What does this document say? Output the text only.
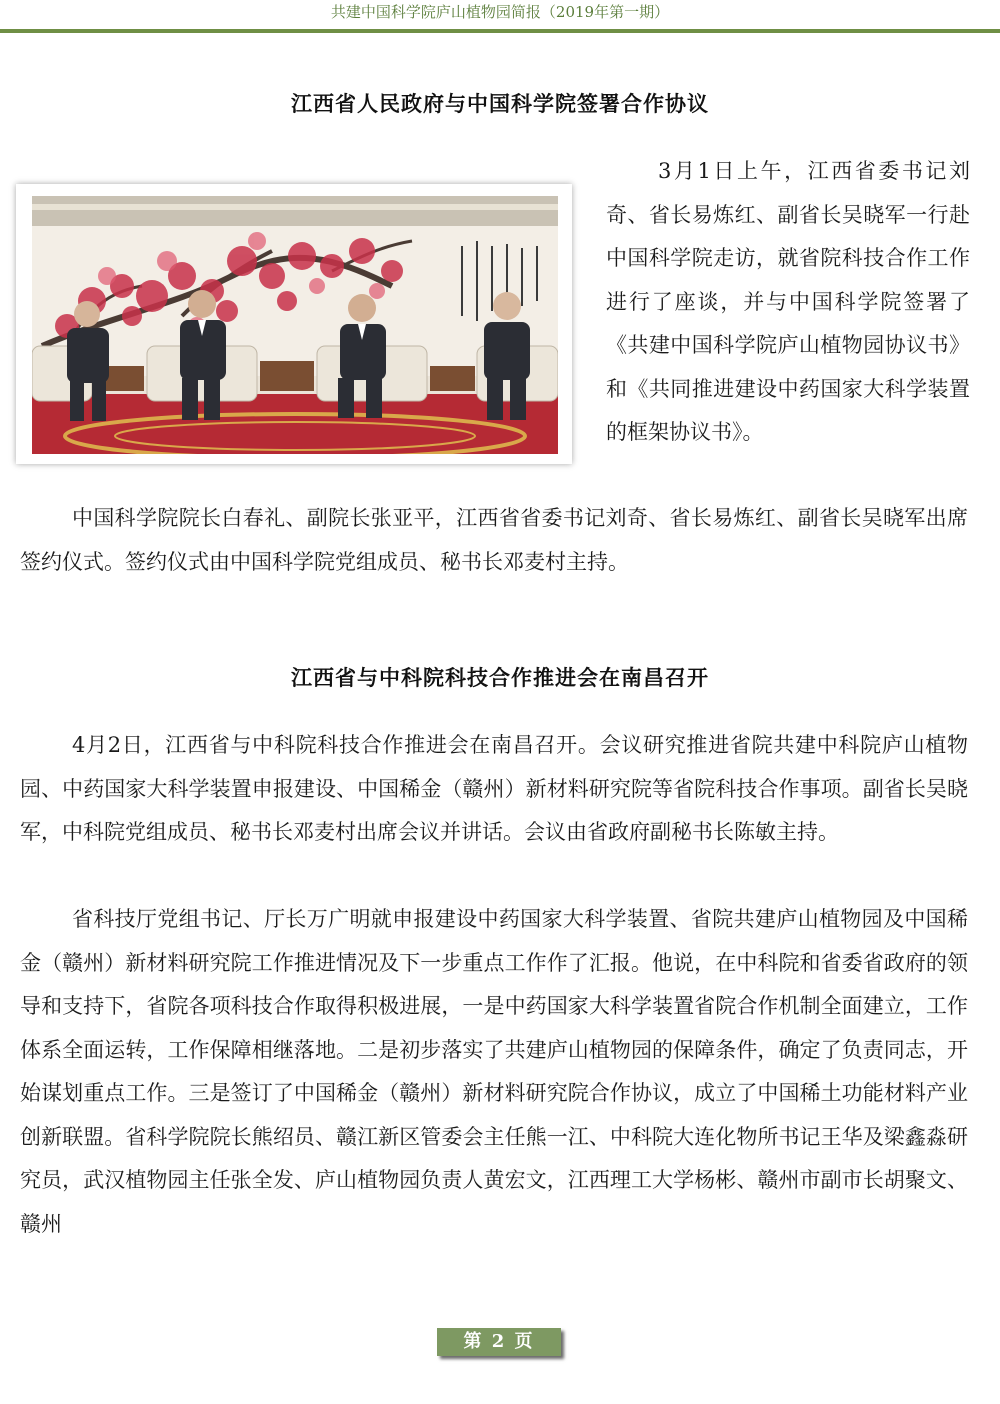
共建中国科学院庐山植物园简报（2019年第一期）
江西省人民政府与中国科学院签署合作协议

3月1日上午，江西省委书记刘奇、省长易炼红、副省长吴晓军一行赴中国科学院走访，就省院科技合作工作进行了座谈，并与中国科学院签署了《共建中国科学院庐山植物园协议书》和《共同推进建设中药国家大科学装置的框架协议书》。

中国科学院院长白春礼、副院长张亚平，江西省省委书记刘奇、省长易炼红、副省长吴晓军出席签约仪式。签约仪式由中国科学院党组成员、秘书长邓麦村主持。

江西省与中科院科技合作推进会在南昌召开

4月2日，江西省与中科院科技合作推进会在南昌召开。会议研究推进省院共建中科院庐山植物园、中药国家大科学装置申报建设、中国稀金（赣州）新材料研究院等省院科技合作事项。副省长吴晓军，中科院党组成员、秘书长邓麦村出席会议并讲话。会议由省政府副秘书长陈敏主持。

省科技厅党组书记、厅长万广明就申报建设中药国家大科学装置、省院共建庐山植物园及中国稀金（赣州）新材料研究院工作推进情况及下一步重点工作作了汇报。他说，在中科院和省委省政府的领导和支持下，省院各项科技合作取得积极进展，一是中药国家大科学装置省院合作机制全面建立，工作体系全面运转，工作保障相继落地。二是初步落实了共建庐山植物园的保障条件，确定了负责同志，开始谋划重点工作。三是签订了中国稀金（赣州）新材料研究院合作协议，成立了中国稀土功能材料产业创新联盟。省科学院院长熊绍员、赣江新区管委会主任熊一江、中科院大连化物所书记王华及梁鑫淼研究员，武汉植物园主任张全发、庐山植物园负责人黄宏文，江西理工大学杨彬、赣州市副市长胡聚文、赣州

第 2 页
